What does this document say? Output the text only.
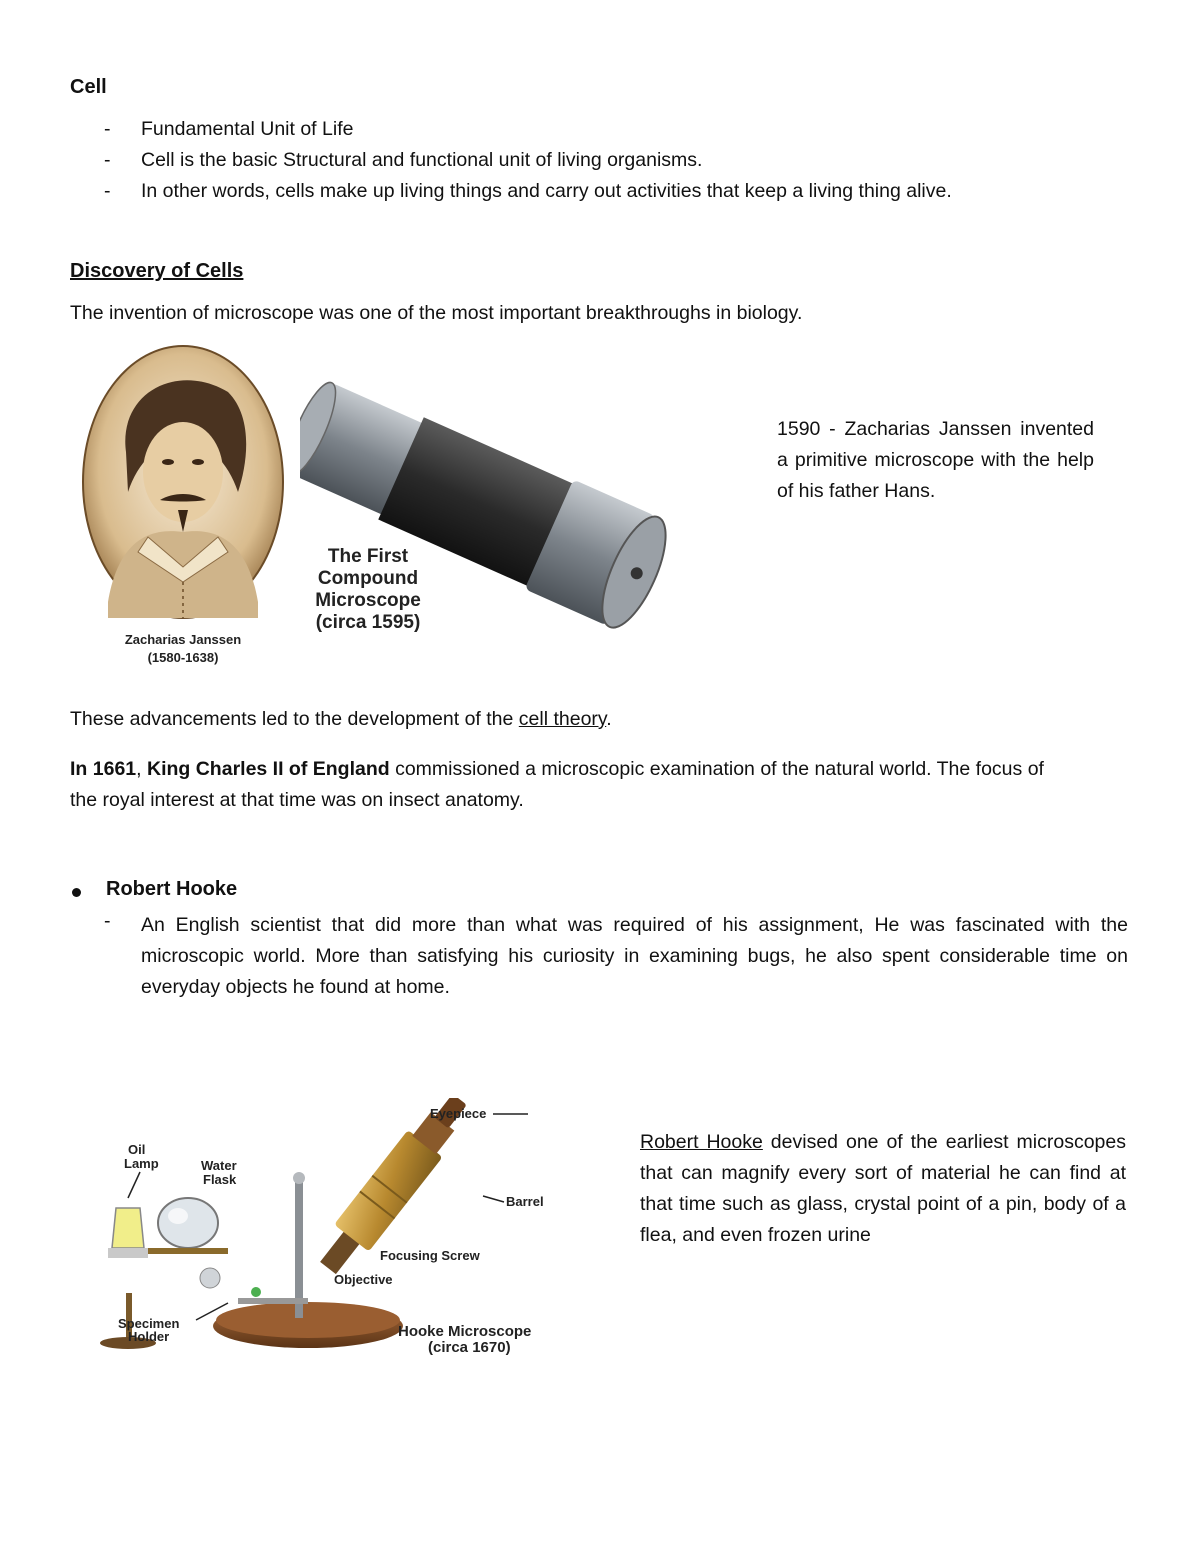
Cell
- Fundamental Unit of Life
- Cell is the basic Structural and functional unit of living organisms.
- In other words, cells make up living things and carry out activities that keep a living thing alive.
Discovery of Cells
The invention of microscope was one of the most important breakthroughs in biology.
Zacharias Janssen
(1580-1638)
The First
Compound
Microscope
(circa 1595)
1590 - Zacharias Janssen invented a primitive microscope with the help of his father Hans.
These advancements led to the development of the cell theory.
In 1661, King Charles II of England commissioned a microscopic examination of the natural world. The focus of
the royal interest at that time was on insect anatomy.
Robert Hooke
- An English scientist that did more than what was required of his assignment, He was fascinated with the microscopic world. More than satisfying his curiosity in examining bugs, he also spent considerable time on everyday objects he found at home.
Eyepiece
Oil
Lamp	Water
Flask
Barrel
Focusing Screw
Objective
Specimen
Holder	Hooke Microscope
(circa 1670)
Robert Hooke devised one of the earliest microscopes that can magnify every sort of material he can find at that time such as glass, crystal point of a pin, body of a flea, and even frozen urine
